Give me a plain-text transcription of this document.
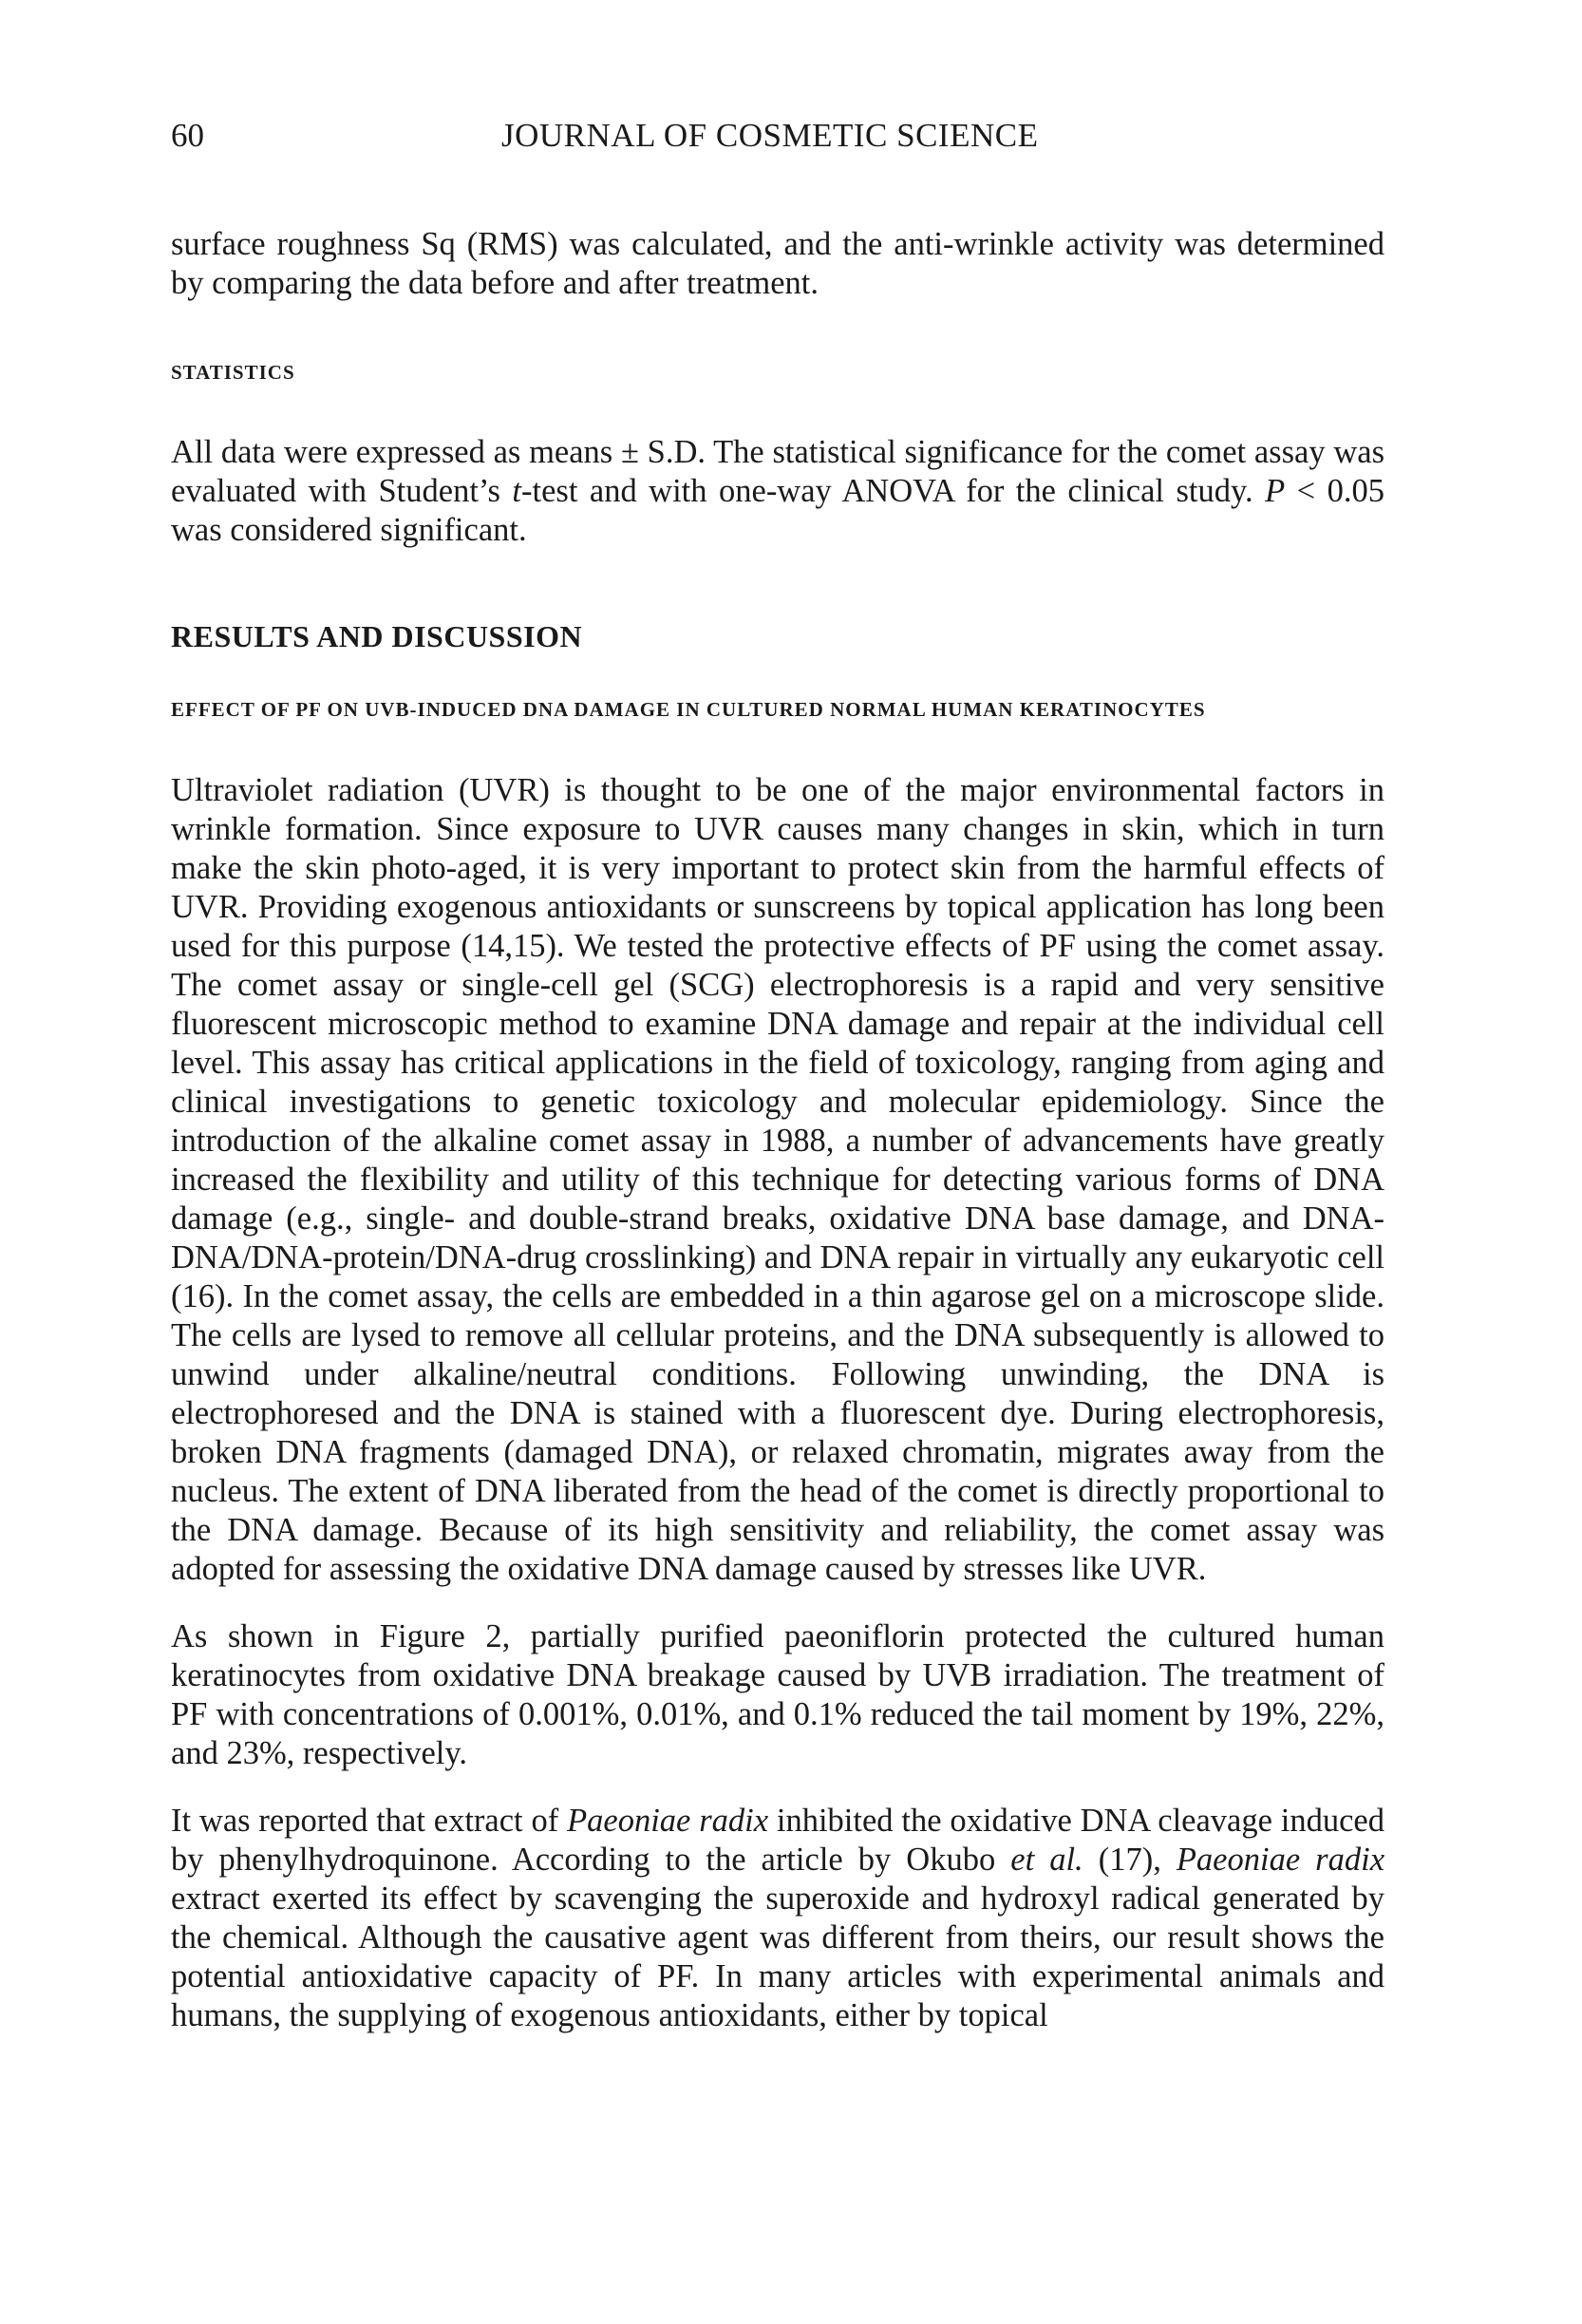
60	JOURNAL OF COSMETIC SCIENCE

surface roughness Sq (RMS) was calculated, and the anti-wrinkle activity was determined by comparing the data before and after treatment.

STATISTICS

All data were expressed as means ± S.D. The statistical significance for the comet assay was evaluated with Student’s t-test and with one-way ANOVA for the clinical study. P < 0.05 was considered significant.

RESULTS AND DISCUSSION
EFFECT OF PF ON UVB-INDUCED DNA DAMAGE IN CULTURED NORMAL HUMAN KERATINOCYTES

Ultraviolet radiation (UVR) is thought to be one of the major environmental factors in wrinkle formation. Since exposure to UVR causes many changes in skin, which in turn make the skin photo-aged, it is very important to protect skin from the harmful effects of UVR. Providing exogenous antioxidants or sunscreens by topical application has long been used for this purpose (14,15). We tested the protective effects of PF using the comet assay. The comet assay or single-cell gel (SCG) electrophoresis is a rapid and very sensitive fluorescent microscopic method to examine DNA damage and repair at the individual cell level. This assay has critical applications in the field of toxicology, ranging from aging and clinical investigations to genetic toxicology and molecular epidemiology. Since the introduction of the alkaline comet assay in 1988, a number of advancements have greatly increased the flexibility and utility of this technique for detecting various forms of DNA damage (e.g., single- and double-strand breaks, oxidative DNA base damage, and DNA-DNA/DNA-protein/DNA-drug crosslinking) and DNA repair in virtually any eukaryotic cell (16). In the comet assay, the cells are embedded in a thin agarose gel on a microscope slide. The cells are lysed to remove all cellular proteins, and the DNA subsequently is allowed to unwind under alkaline/neutral conditions. Following unwinding, the DNA is electrophoresed and the DNA is stained with a fluorescent dye. During electrophoresis, broken DNA fragments (damaged DNA), or relaxed chromatin, migrates away from the nucleus. The extent of DNA liberated from the head of the comet is directly proportional to the DNA damage. Because of its high sensitivity and reliability, the comet assay was adopted for assessing the oxidative DNA damage caused by stresses like UVR.

As shown in Figure 2, partially purified paeoniflorin protected the cultured human keratinocytes from oxidative DNA breakage caused by UVB irradiation. The treatment of PF with concentrations of 0.001%, 0.01%, and 0.1% reduced the tail moment by 19%, 22%, and 23%, respectively.

It was reported that extract of Paeoniae radix inhibited the oxidative DNA cleavage induced by phenylhydroquinone. According to the article by Okubo et al. (17), Paeoniae radix extract exerted its effect by scavenging the superoxide and hydroxyl radical generated by the chemical. Although the causative agent was different from theirs, our result shows the potential antioxidative capacity of PF. In many articles with experimental animals and humans, the supplying of exogenous antioxidants, either by topical
